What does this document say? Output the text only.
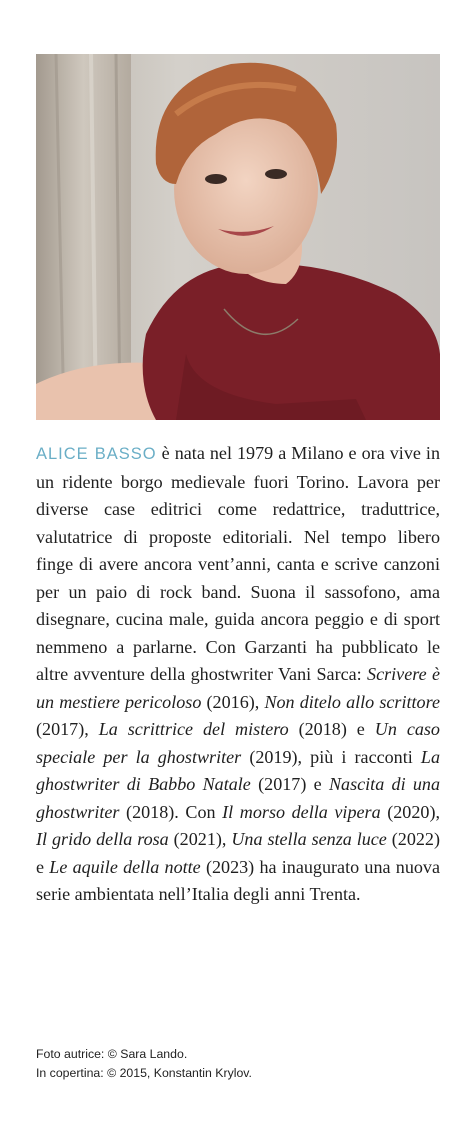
ALICE BASSO è nata nel 1979 a Milano e ora vive in un ridente borgo medievale fuori Torino. Lavora per diverse case editrici come redattrice, traduttrice, valutatrice di proposte editoriali. Nel tempo libero finge di avere ancora vent’anni, canta e scrive canzoni per un paio di rock band. Suona il sassofono, ama disegnare, cucina male, guida ancora peggio e di sport nemmeno a parlarne. Con Garzanti ha pubblicato le altre avventure della ghostwriter Vani Sarca: Scrivere è un mestiere pericoloso (2016), Non ditelo allo scrittore (2017), La scrittrice del mistero (2018) e Un caso speciale per la ghostwriter (2019), più i racconti La ghostwriter di Babbo Natale (2017) e Nascita di una ghostwriter (2018). Con Il morso della vipera (2020), Il grido della rosa (2021), Una stella senza luce (2022) e Le aquile della notte (2023) ha inaugurato una nuova serie ambientata nell’Italia degli anni Trenta.

Foto autrice: © Sara Lando.
In copertina: © 2015, Konstantin Krylov.
